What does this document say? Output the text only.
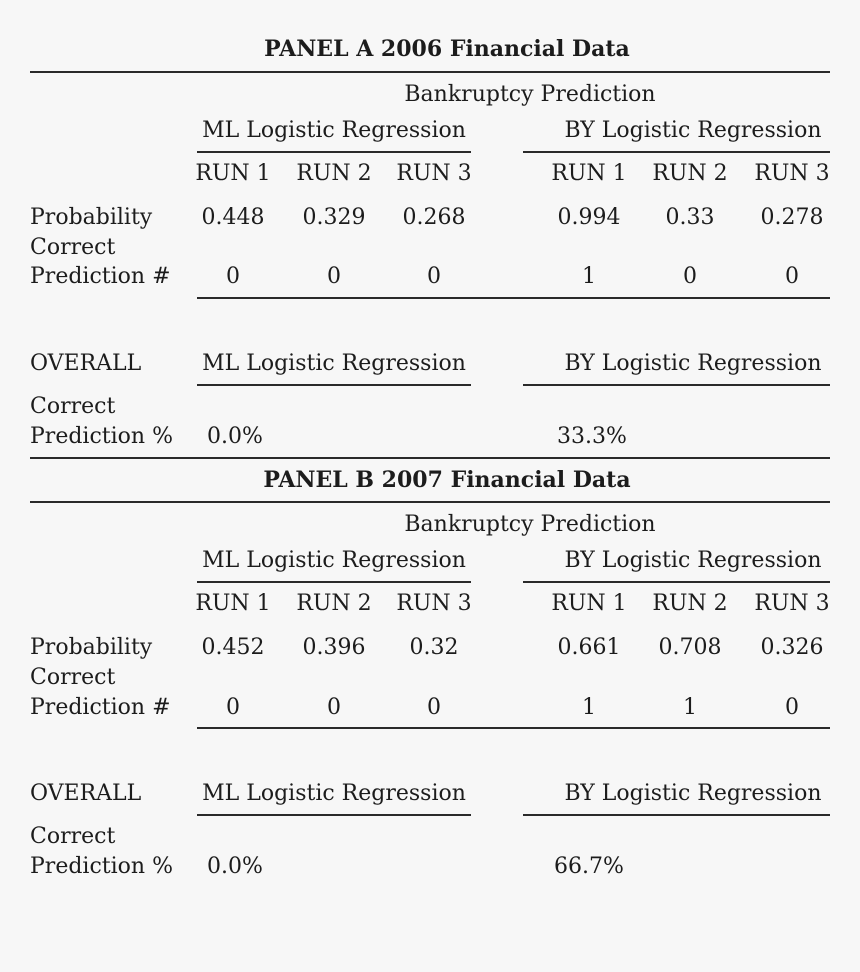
PANEL A 2006 Financial Data
Bankruptcy Prediction
ML Logistic Regression	BY Logistic Regression
RUN 1 RUN 2 RUN 3	RUN 1 RUN 2 RUN 3
Probability 0.448 0.329 0.268	0.994 0.33 0.278
Correct
Prediction #	0	0	0	1	0	0
OVERALL	ML Logistic Regression	BY Logistic Regression
Correct
Prediction % 0.0%	33.3%
PANEL B 2007 Financial Data
Bankruptcy Prediction
ML Logistic Regression	BY Logistic Regression
RUN 1 RUN 2 RUN 3	RUN 1 RUN 2 RUN 3
Probability 0.452 0.396 0.32	0.661 0.708 0.326
Correct
Prediction #	0	0	0	1	1	0
OVERALL	ML Logistic Regression	BY Logistic Regression
Correct
Prediction % 0.0%	66.7%
